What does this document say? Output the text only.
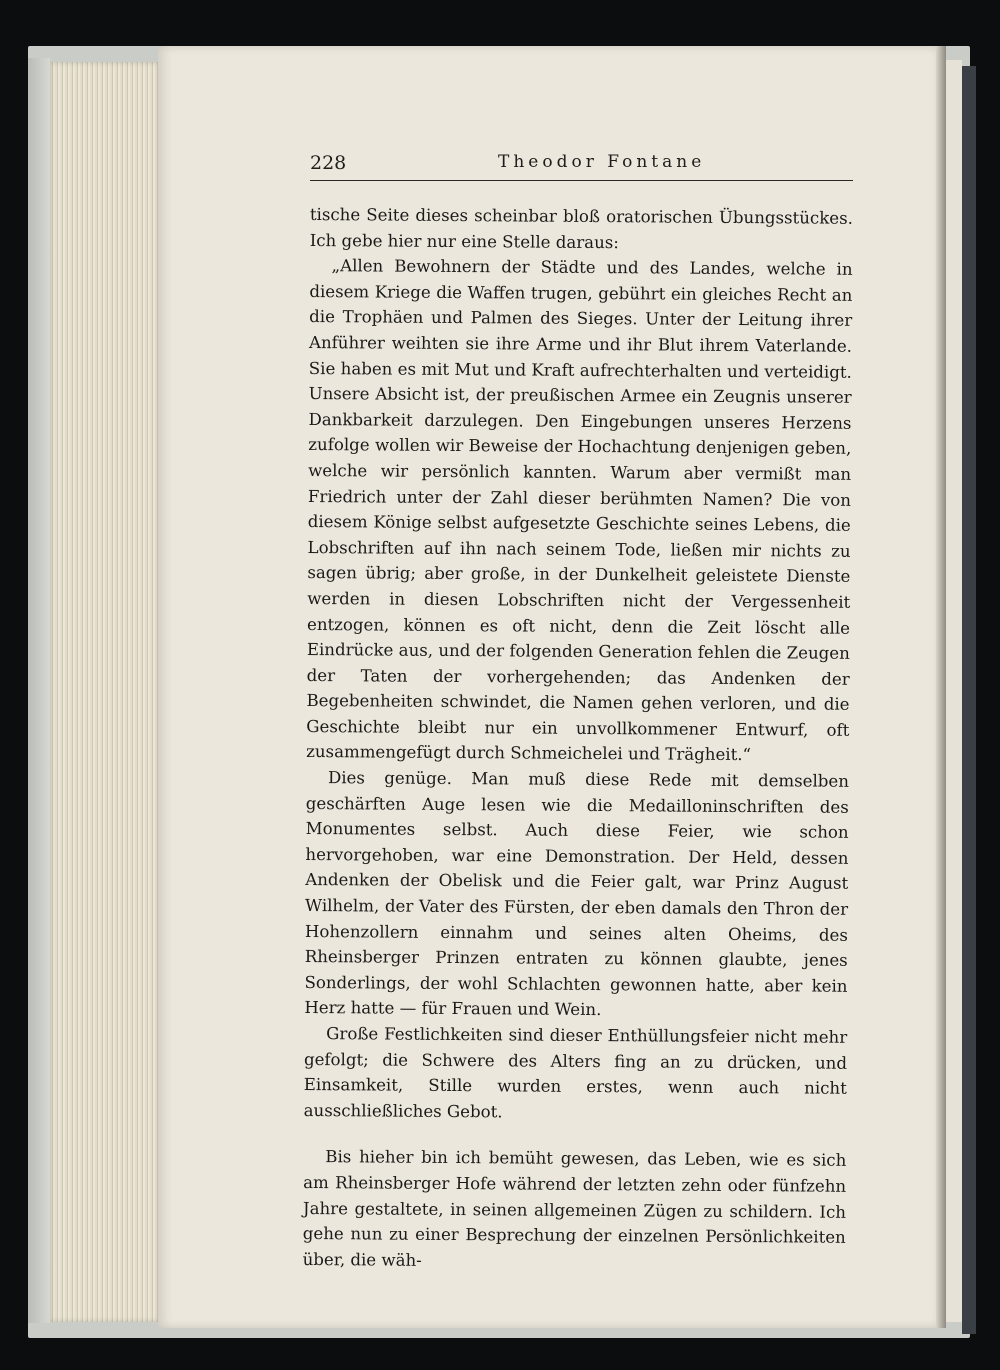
228	Theodor Fontane

tische Seite dieses scheinbar bloß oratorischen Übungsstückes. Ich gebe hier nur eine Stelle daraus:

„Allen Bewohnern der Städte und des Landes, welche in diesem Kriege die Waffen trugen, gebührt ein gleiches Recht an die Trophäen und Palmen des Sieges. Unter der Leitung ihrer Anführer weihten sie ihre Arme und ihr Blut ihrem Vaterlande. Sie haben es mit Mut und Kraft aufrechterhalten und verteidigt. Unsere Absicht ist, der preußischen Armee ein Zeugnis unserer Dankbarkeit darzulegen. Den Eingebungen unseres Herzens zufolge wollen wir Beweise der Hochachtung denjenigen geben, welche wir persönlich kannten. Warum aber vermißt man Friedrich unter der Zahl dieser berühmten Namen? Die von diesem Könige selbst aufgesetzte Geschichte seines Lebens, die Lobschriften auf ihn nach seinem Tode, ließen mir nichts zu sagen übrig; aber große, in der Dunkelheit geleistete Dienste werden in diesen Lobschriften nicht der Vergessenheit entzogen, können es oft nicht, denn die Zeit löscht alle Eindrücke aus, und der folgenden Generation fehlen die Zeugen der Taten der vorhergehenden; das Andenken der Begebenheiten schwindet, die Namen gehen verloren, und die Geschichte bleibt nur ein unvollkommener Entwurf, oft zusammengefügt durch Schmeichelei und Trägheit.“

Dies genüge. Man muß diese Rede mit demselben geschärften Auge lesen wie die Medailloninschriften des Monumentes selbst. Auch diese Feier, wie schon hervorgehoben, war eine Demonstration. Der Held, dessen Andenken der Obelisk und die Feier galt, war Prinz August Wilhelm, der Vater des Fürsten, der eben damals den Thron der Hohenzollern einnahm und seines alten Oheims, des Rheinsberger Prinzen entraten zu können glaubte, jenes Sonderlings, der wohl Schlachten gewonnen hatte, aber kein Herz hatte — für Frauen und Wein.

Große Festlichkeiten sind dieser Enthüllungsfeier nicht mehr gefolgt; die Schwere des Alters fing an zu drücken, und Einsamkeit, Stille wurden erstes, wenn auch nicht ausschließliches Gebot.

Bis hieher bin ich bemüht gewesen, das Leben, wie es sich am Rheinsberger Hofe während der letzten zehn oder fünfzehn Jahre gestaltete, in seinen allgemeinen Zügen zu schildern. Ich gehe nun zu einer Besprechung der einzelnen Persönlichkeiten über, die wäh-
